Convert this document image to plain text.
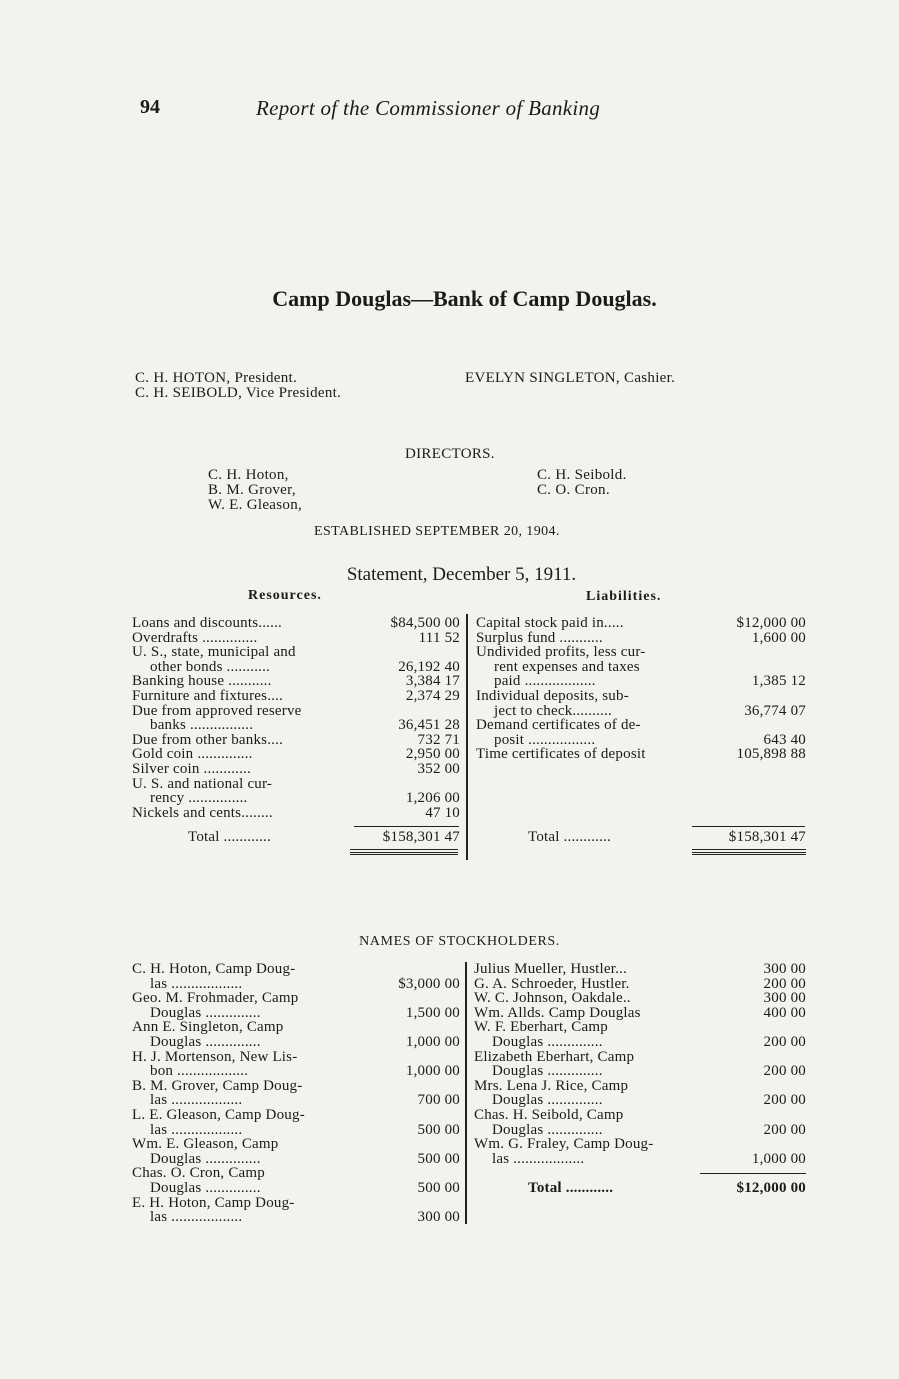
94	Report of the Commissioner of Banking
Camp Douglas—Bank of Camp Douglas.
C. H. HOTON, President.
C. H. SEIBOLD, Vice President.
EVELYN SINGLETON, Cashier.
DIRECTORS.
C. H. Hoton,
B. M. Grover,
W. E. Gleason,
C. H. Seibold.
C. O. Cron.
ESTABLISHED SEPTEMBER 20, 1904.
Statement, December 5, 1911.
Resources.	Liabilities.
Loans and discounts......	$84,500 00
Overdrafts ..............	111 52
U. S., state, municipal and
other bonds ...........	26,192 40
Banking house ...........	3,384 17
Furniture and fixtures....	2,374 29
Due from approved reserve
banks ................	36,451 28
Due from other banks....	732 71
Gold coin ..............	2,950 00
Silver coin ............	352 00
U. S. and national cur-
rency ...............	1,206 00
Nickels and cents........	47 10
Capital stock paid in.....	$12,000 00
Surplus fund ...........	1,600 00
Undivided profits, less cur-
rent expenses and taxes
paid ..................	1,385 12
Individual deposits, sub-
ject to check..........	36,774 07
Demand certificates of de-
posit .................	643 40
Time certificates of deposit	105,898 88
Total ............	$158,301 47	Total ............	$158,301 47
NAMES OF STOCKHOLDERS.
C. H. Hoton, Camp Doug-
las ..................	$3,000 00
Geo. M. Frohmader, Camp
Douglas ..............	1,500 00
Ann E. Singleton, Camp
Douglas ..............	1,000 00
H. J. Mortenson, New Lis-
bon ..................	1,000 00
B. M. Grover, Camp Doug-
las ..................	700 00
L. E. Gleason, Camp Doug-
las ..................	500 00
Wm. E. Gleason, Camp
Douglas ..............	500 00
Chas. O. Cron, Camp
Douglas ..............	500 00
E. H. Hoton, Camp Doug-
las ..................	300 00
Julius Mueller, Hustler...	300 00
G. A. Schroeder, Hustler.	200 00
W. C. Johnson, Oakdale..	300 00
Wm. Allds. Camp Douglas	400 00
W. F. Eberhart, Camp
Douglas ..............	200 00
Elizabeth Eberhart, Camp
Douglas ..............	200 00
Mrs. Lena J. Rice, Camp
Douglas ..............	200 00
Chas. H. Seibold, Camp
Douglas ..............	200 00
Wm. G. Fraley, Camp Doug-
las ..................	1,000 00
Total ............	$12,000 00
